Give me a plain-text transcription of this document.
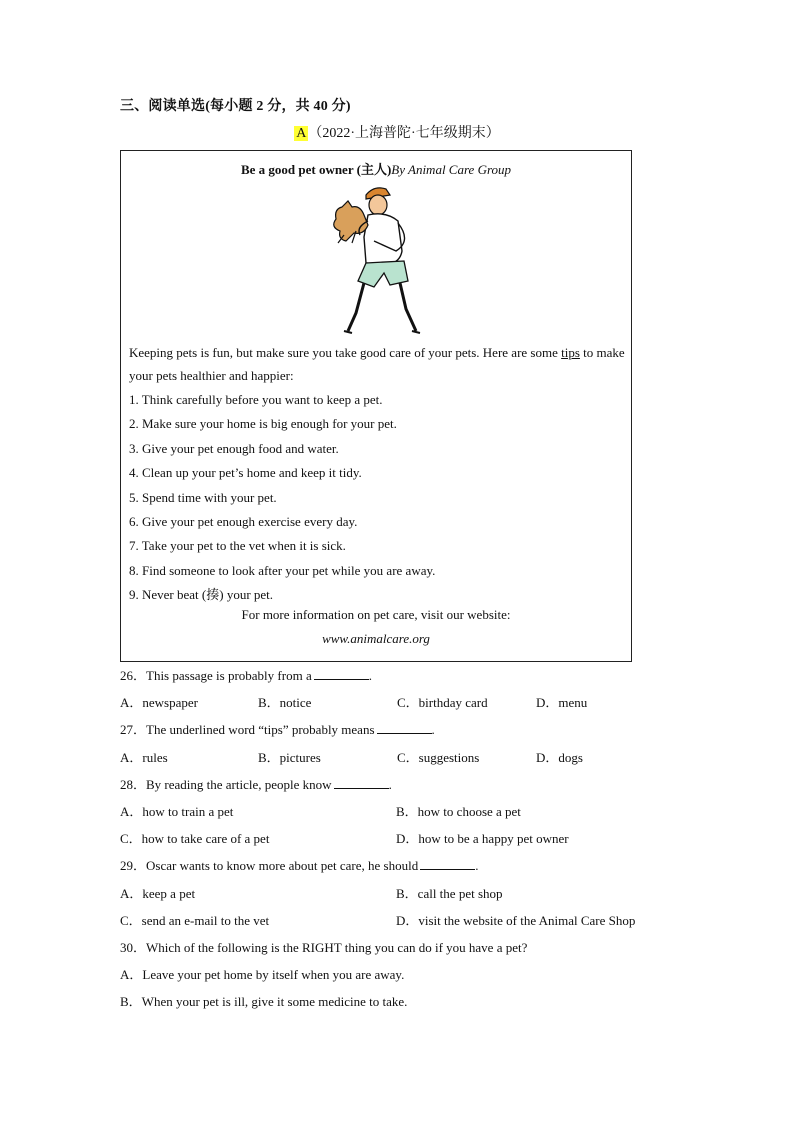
三、阅读单选(每小题 2 分，共 40 分)
A （2022·上海普陀·七年级期末）
Be a good pet owner (主人)By Animal Care Group
Keeping pets is fun, but make sure you take good care of your pets. Here are some tips to make your pets healthier and happier:
1. Think carefully before you want to keep a pet.
2. Make sure your home is big enough for your pet.
3. Give your pet enough food and water.
4. Clean up your pet’s home and keep it tidy.
5. Spend time with your pet.
6. Give your pet enough exercise every day.
7. Take your pet to the vet when it is sick.
8. Find someone to look after your pet while you are away.
9. Never beat (揍) your pet.
For more information on pet care, visit our website:
www.animalcare.org
26．This passage is probably from a	.
A．newspaper	B．notice	C．birthday card	D．menu
27．The underlined word “tips” probably means	.
A．rules	B．pictures	C．suggestions	D．dogs
28．By reading the article, people know	.
A．how to train a pet	B．how to choose a pet
C．how to take care of a pet	D．how to be a happy pet owner
29．Oscar wants to know more about pet care, he should	.
A．keep a pet	B．call the pet shop
C．send an e-mail to the vet	D．visit the website of the Animal Care Shop
30．Which of the following is the RIGHT thing you can do if you have a pet?
A．Leave your pet home by itself when you are away.
B．When your pet is ill, give it some medicine to take.
